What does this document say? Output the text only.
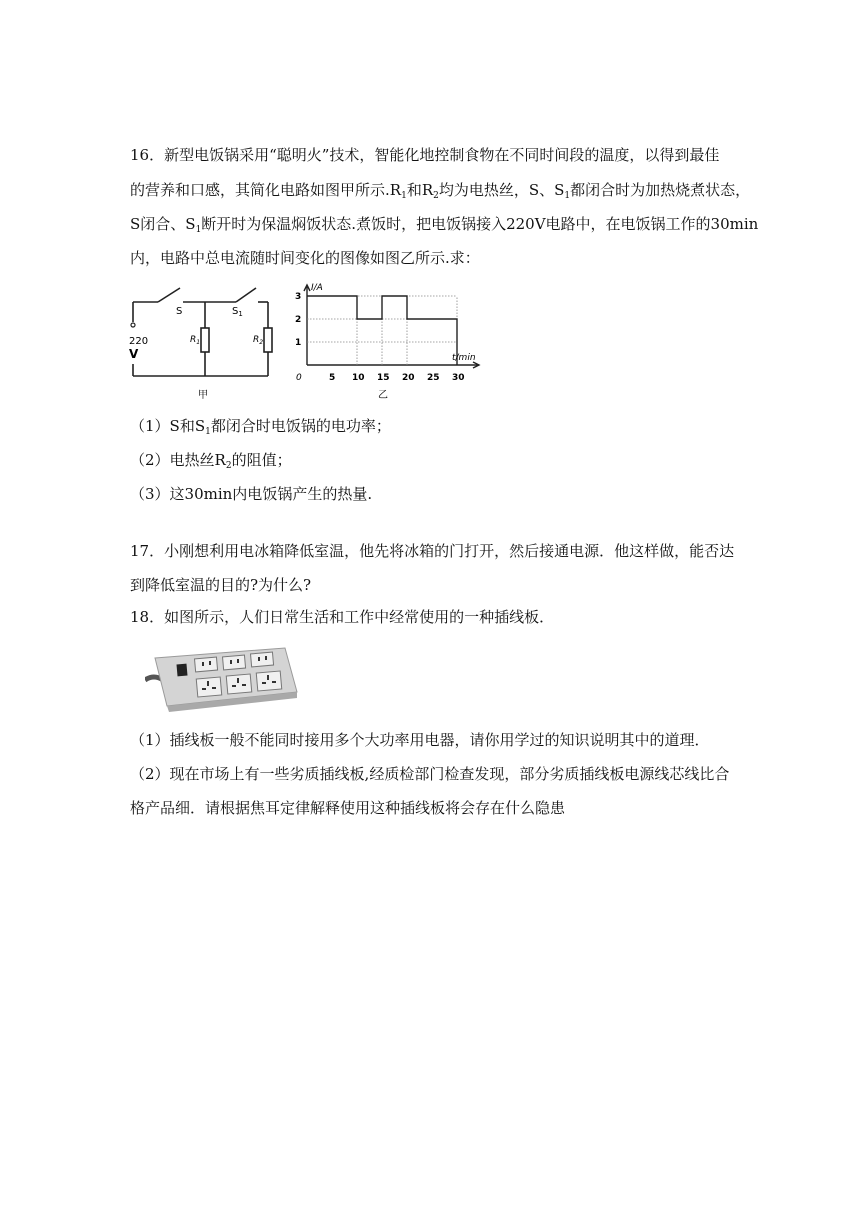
16．新型电饭锅采用“聪明火”技术，智能化地控制食物在不同时间段的温度，以得到最佳
的营养和口感，其简化电路如图甲所示$.R_1$和$R_2$均为电热丝，S、$S_1$都闭合时为加热烧煮状态，
S闭合、$S_1$断开时为保温焖饭状态.煮饭时，把电饭锅接入220V电路中，在电饭锅工作的30min
内，电路中总电流随时间变化的图像如图乙所示.求：
S	$S_1$
$R_1$	$R_2$
220
V
甲
5 10 15 20 25 30
1
2
3
I/A
t/min
0
乙
（1）S和$S_1$都闭合时电饭锅的电功率；
（2）电热丝$R_2$的阻值；
（3）这30min内电饭锅产生的热量.
17．小刚想利用电冰箱降低室温，他先将冰箱的门打开，然后接通电源．他这样做，能否达
到降低室温的目的?为什么?
18．如图所示，人们日常生活和工作中经常使用的一种插线板．
（1）插线板一般不能同时接用多个大功率用电器，请你用学过的知识说明其中的道理．
（2）现在市场上有一些劣质插线板,经质检部门检查发现，部分劣质插线板电源线芯线比合
格产品细．请根据焦耳定律解释使用这种插线板将会存在什么隐患
